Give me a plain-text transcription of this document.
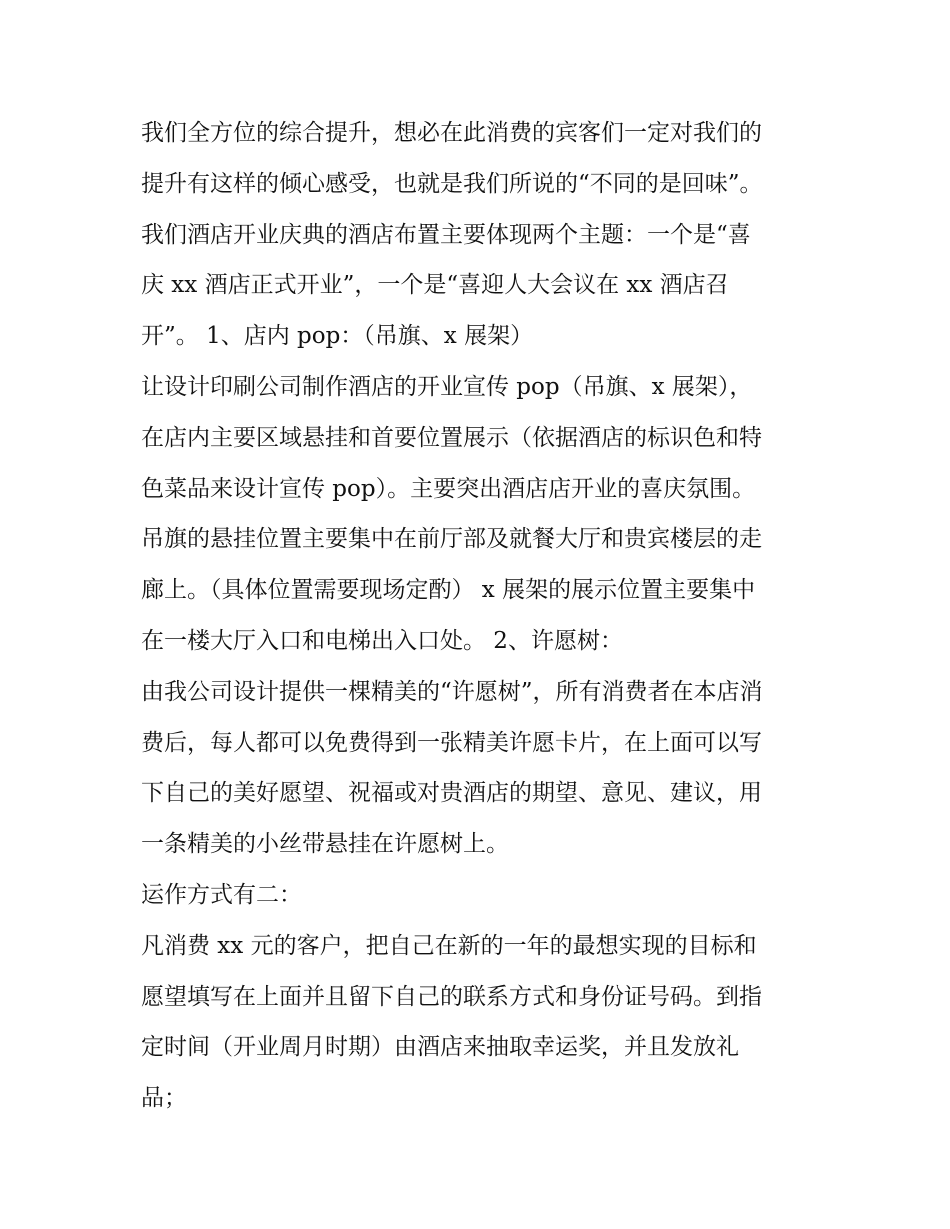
我们全方位的综合提升，想必在此消费的宾客们一定对我们的
提升有这样的倾心感受，也就是我们所说的“不同的是回味”。
我们酒店开业庆典的酒店布置主要体现两个主题：一个是“喜
庆 xx 酒店正式开业”，一个是“喜迎人大会议在 xx 酒店召
开”。 1、店内 pop：（吊旗、x 展架）
让设计印刷公司制作酒店的开业宣传 pop（吊旗、x 展架），
在店内主要区域悬挂和首要位置展示（依据酒店的标识色和特
色菜品来设计宣传 pop）。主要突出酒店店开业的喜庆氛围。
吊旗的悬挂位置主要集中在前厅部及就餐大厅和贵宾楼层的走
廊上。（具体位置需要现场定酌） x 展架的展示位置主要集中
在一楼大厅入口和电梯出入口处。 2、许愿树：
由我公司设计提供一棵精美的“许愿树”，所有消费者在本店消
费后，每人都可以免费得到一张精美许愿卡片，在上面可以写
下自己的美好愿望、祝福或对贵酒店的期望、意见、建议，用
一条精美的小丝带悬挂在许愿树上。
运作方式有二：
凡消费 xx 元的客户，把自己在新的一年的最想实现的目标和
愿望填写在上面并且留下自己的联系方式和身份证号码。到指
定时间（开业周月时期）由酒店来抽取幸运奖，并且发放礼
品；
